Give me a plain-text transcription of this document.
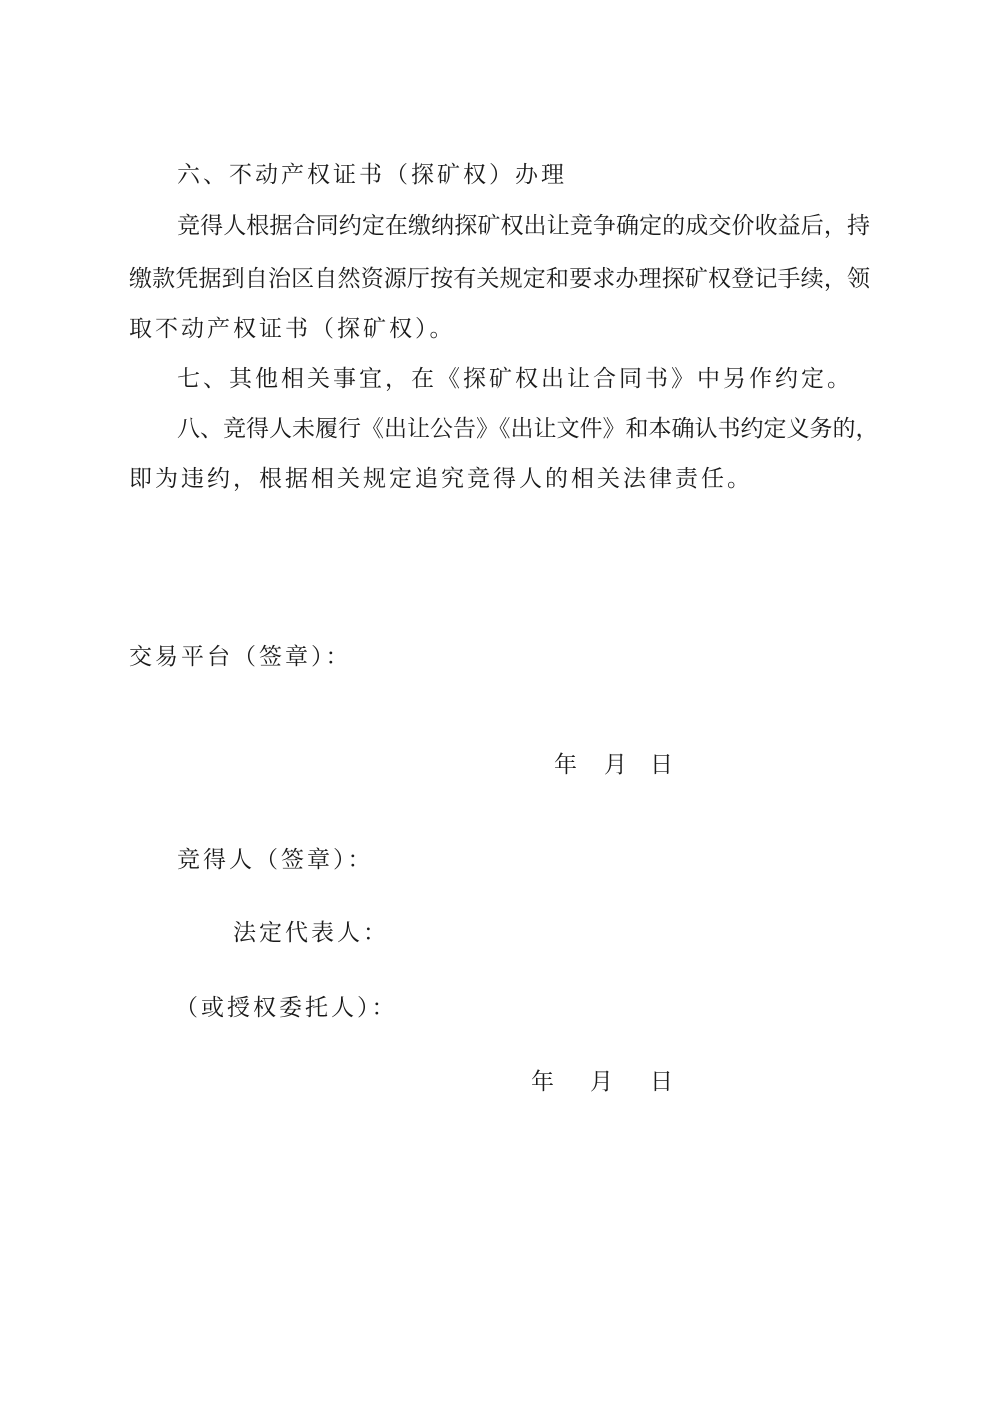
六、不动产权证书（探矿权）办理
竞得人根据合同约定在缴纳探矿权出让竞争确定的成交价收益后，持
缴款凭据到自治区自然资源厅按有关规定和要求办理探矿权登记手续，领
取不动产权证书（探矿权）。
七、其他相关事宜，在《探矿权出让合同书》中另作约定。
八、竞得人未履行《出让公告》《出让文件》和本确认书约定义务的，
即为违约，根据相关规定追究竞得人的相关法律责任。
交易平台（签章）：
年 月 日
竞得人（签章）：
法定代表人：
（或授权委托人）：
年 月 日
